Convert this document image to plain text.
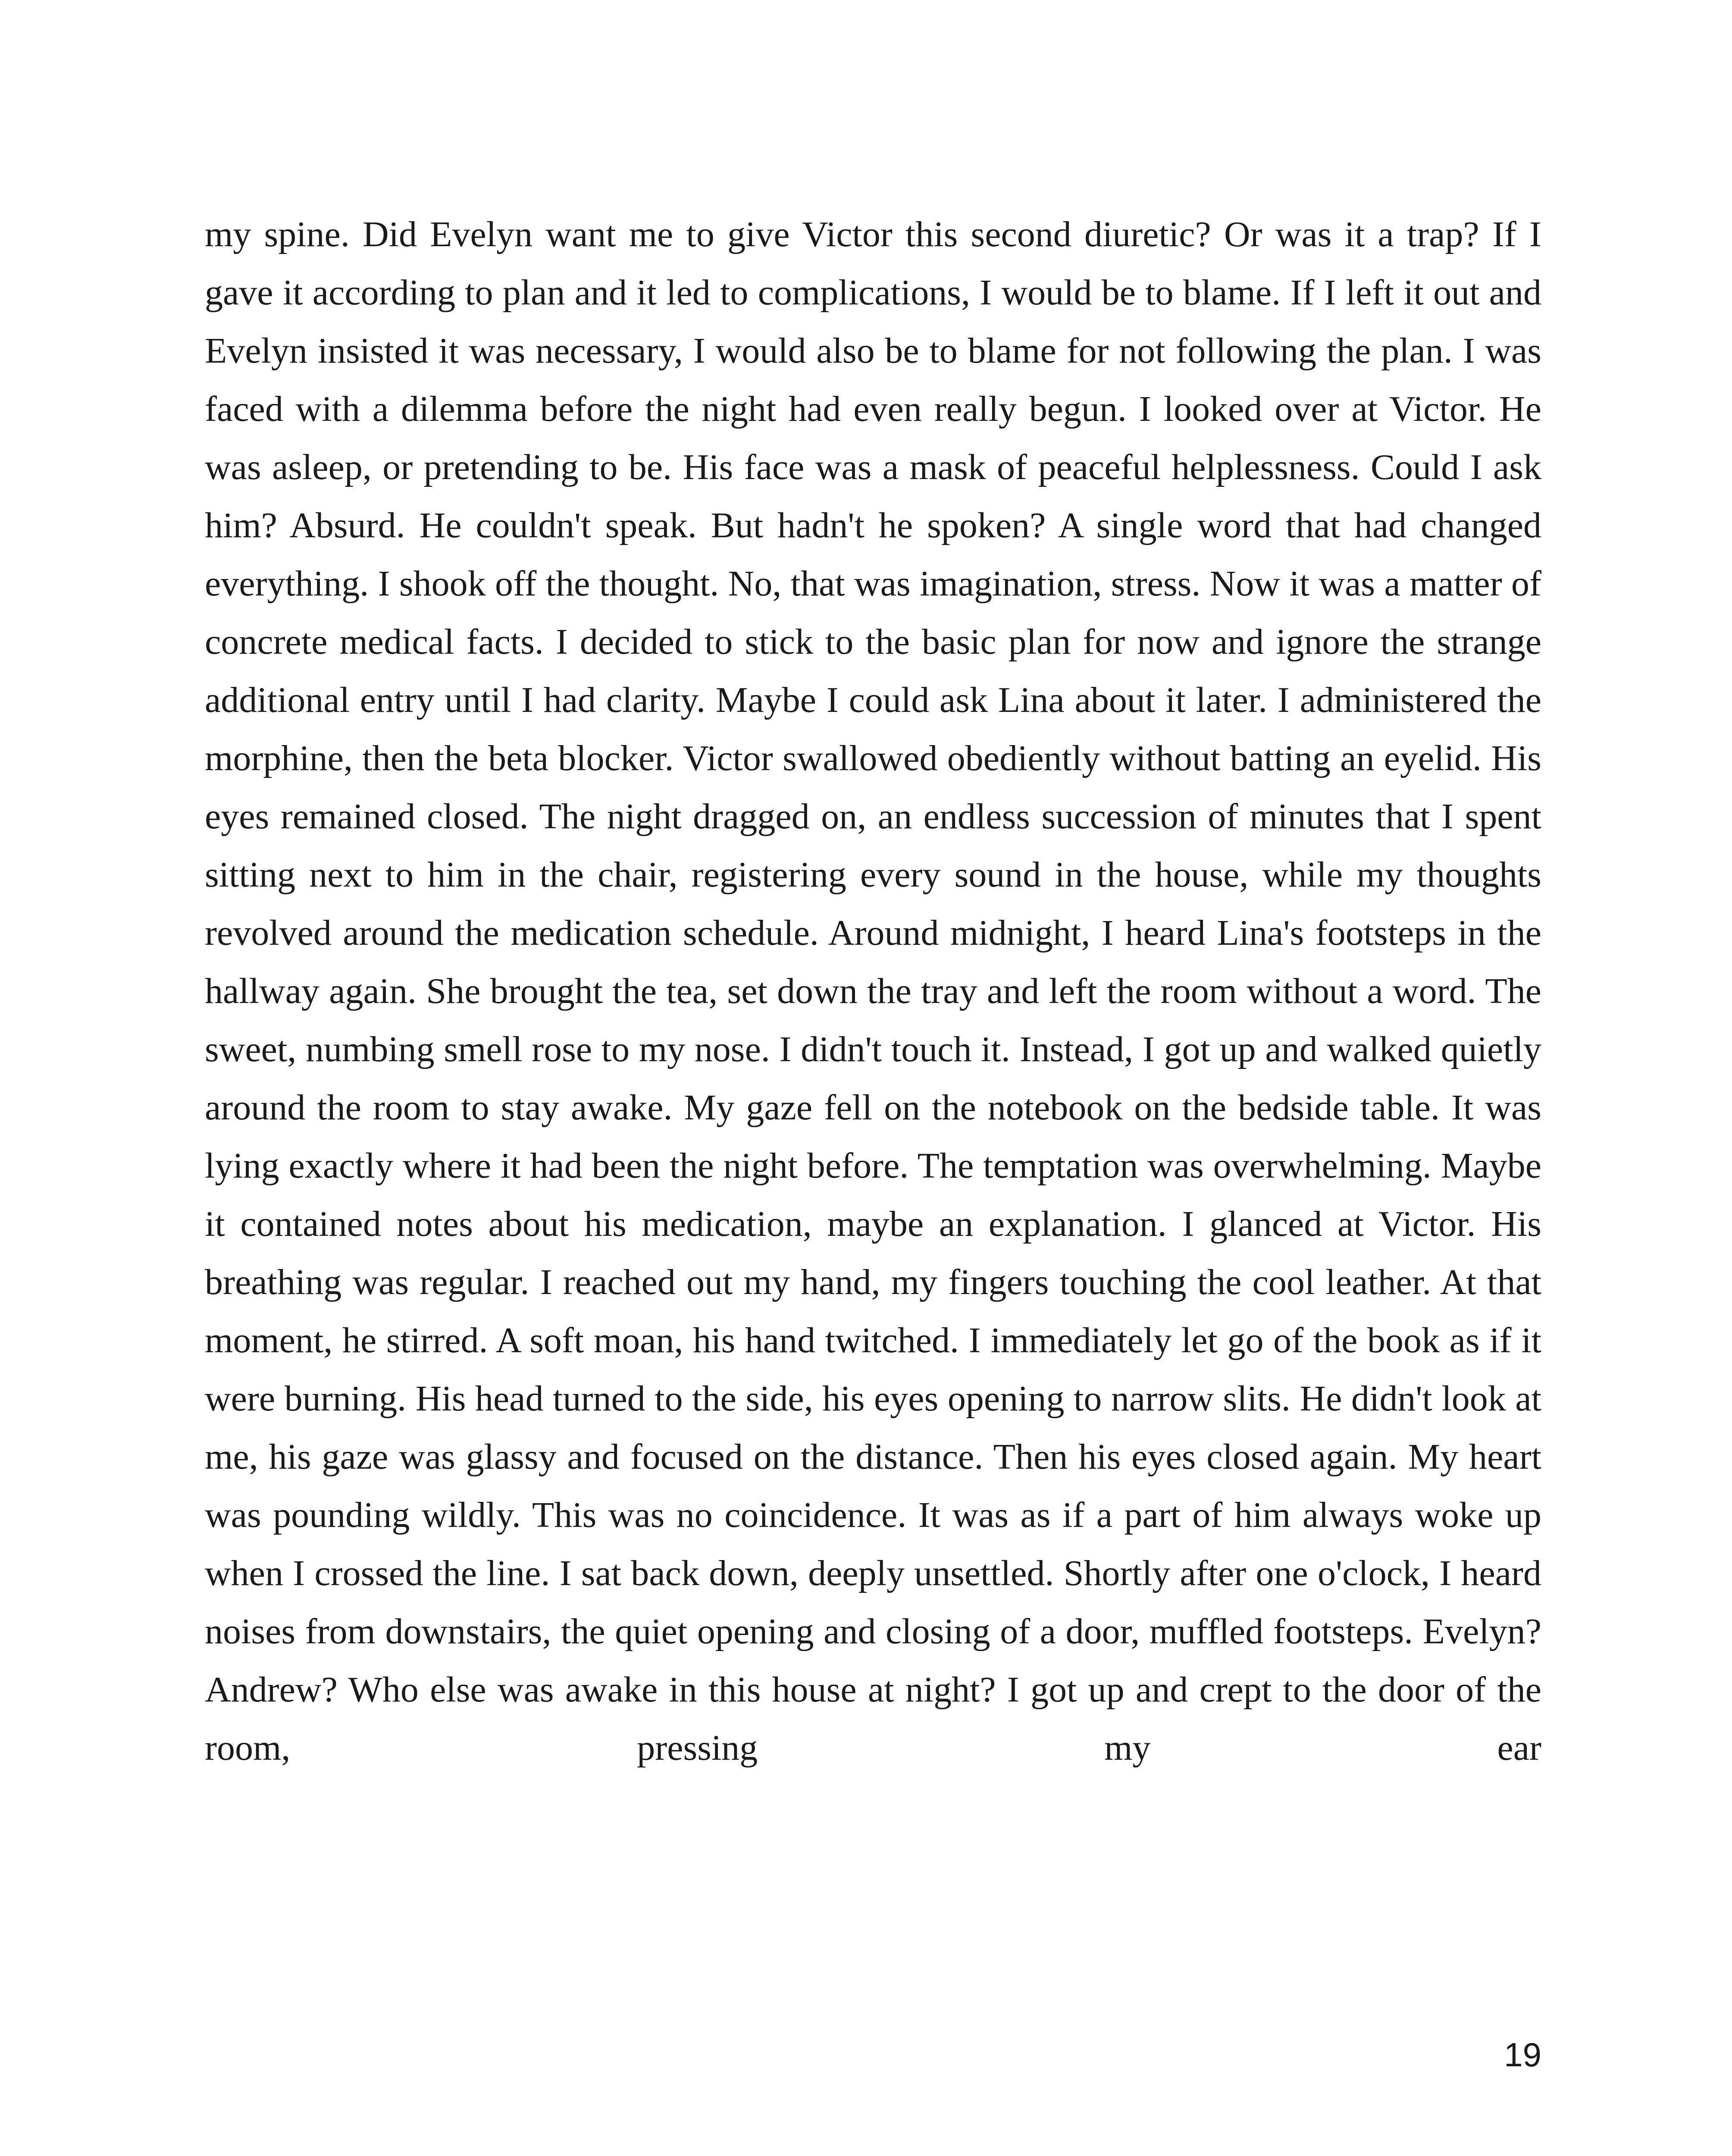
my spine. Did Evelyn want me to give Victor this second diuretic? Or was it a trap? If I gave it according to plan and it led to complications, I would be to blame. If I left it out and Evelyn insisted it was necessary, I would also be to blame for not following the plan. I was faced with a dilemma before the night had even really begun. I looked over at Victor. He was asleep, or pretending to be. His face was a mask of peaceful helplessness. Could I ask him? Absurd. He couldn't speak. But hadn't he spoken? A single word that had changed everything. I shook off the thought. No, that was imagination, stress. Now it was a matter of concrete medical facts. I decided to stick to the basic plan for now and ignore the strange additional entry until I had clarity. Maybe I could ask Lina about it later. I administered the morphine, then the beta blocker. Victor swallowed obediently without batting an eyelid. His eyes remained closed. The night dragged on, an endless succession of minutes that I spent sitting next to him in the chair, registering every sound in the house, while my thoughts revolved around the medication schedule. Around midnight, I heard Lina's footsteps in the hallway again. She brought the tea, set down the tray and left the room without a word. The sweet, numbing smell rose to my nose. I didn't touch it. Instead, I got up and walked quietly around the room to stay awake. My gaze fell on the notebook on the bedside table. It was lying exactly where it had been the night before. The temptation was overwhelming. Maybe it contained notes about his medication, maybe an explanation. I glanced at Victor. His breathing was regular. I reached out my hand, my fingers touching the cool leather. At that moment, he stirred. A soft moan, his hand twitched. I immediately let go of the book as if it were burning. His head turned to the side, his eyes opening to narrow slits. He didn't look at me, his gaze was glassy and focused on the distance. Then his eyes closed again. My heart was pounding wildly. This was no coincidence. It was as if a part of him always woke up when I crossed the line. I sat back down, deeply unsettled. Shortly after one o'clock, I heard noises from downstairs, the quiet opening and closing of a door, muffled footsteps. Evelyn? Andrew? Who else was awake in this house at night? I got up and crept to the door of the room, pressing my ear

19
